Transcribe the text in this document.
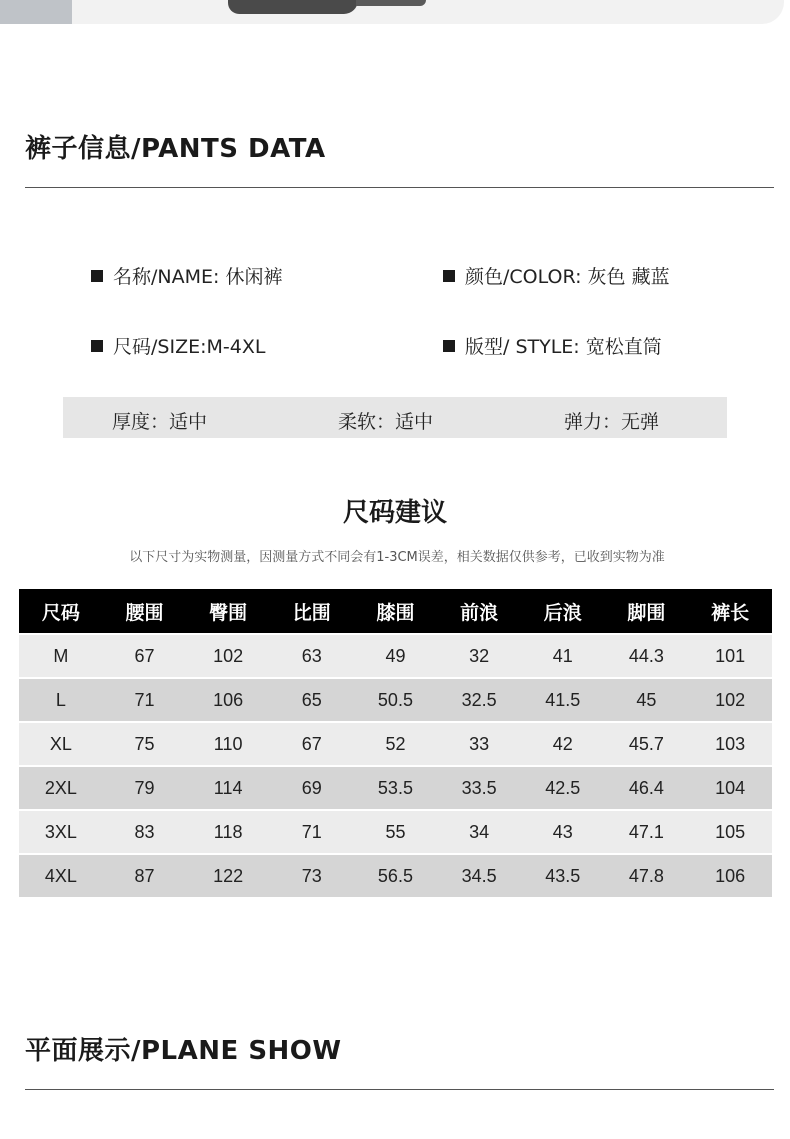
裤子信息/PANTS DATA
名称/NAME: 休闲裤	颜色/COLOR: 灰色 藏蓝
尺码/SIZE:M-4XL	版型/ STYLE: 宽松直筒
厚度：适中	柔软：适中	弹力：无弹
尺码建议
以下尺寸为实物测量，因测量方式不同会有1-3CM误差，相关数据仅供参考，已收到实物为准
尺码	腰围	臀围	比围	膝围	前浪	后浪	脚围	裤长
M	67	102	63	49	32	41	44.3	101
L	71	106	65	50.5	32.5	41.5	45	102
XL	75	110	67	52	33	42	45.7	103
2XL	79	114	69	53.5	33.5	42.5	46.4	104
3XL	83	118	71	55	34	43	47.1	105
4XL	87	122	73	56.5	34.5	43.5	47.8	106
平面展示/PLANE SHOW
